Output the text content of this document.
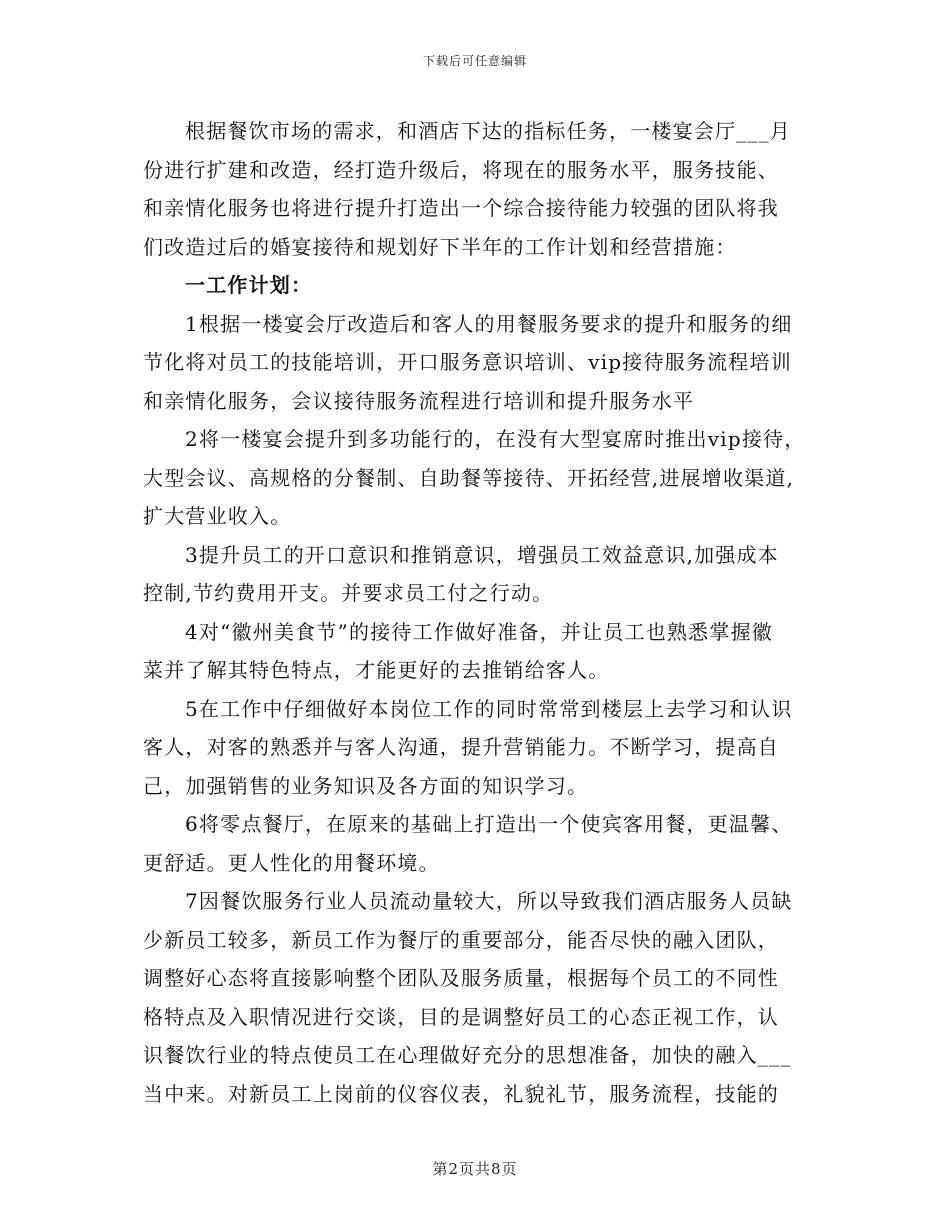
下载后可任意编辑
根据餐饮市场的需求，和酒店下达的指标任务，一楼宴会厅___月
份进行扩建和改造，经打造升级后，将现在的服务水平，服务技能、
和亲情化服务也将进行提升打造出一个综合接待能力较强的团队将我
们改造过后的婚宴接待和规划好下半年的工作计划和经营措施：
一工作计划：
1根据一楼宴会厅改造后和客人的用餐服务要求的提升和服务的细
节化将对员工的技能培训，开口服务意识培训、vip接待服务流程培训
和亲情化服务，会议接待服务流程进行培训和提升服务水平
2将一楼宴会提升到多功能行的，在没有大型宴席时推出vip接待，
大型会议、高规格的分餐制、自助餐等接待、开拓经营,进展增收渠道,
扩大营业收入。
3提升员工的开口意识和推销意识，增强员工效益意识,加强成本
控制,节约费用开支。并要求员工付之行动。
4对“徽州美食节”的接待工作做好准备，并让员工也熟悉掌握徽
菜并了解其特色特点，才能更好的去推销给客人。
5在工作中仔细做好本岗位工作的同时常常到楼层上去学习和认识
客人，对客的熟悉并与客人沟通，提升营销能力。不断学习，提高自
己，加强销售的业务知识及各方面的知识学习。
6将零点餐厅，在原来的基础上打造出一个使宾客用餐，更温馨、
更舒适。更人性化的用餐环境。
7因餐饮服务行业人员流动量较大，所以导致我们酒店服务人员缺
少新员工较多，新员工作为餐厅的重要部分，能否尽快的融入团队，
调整好心态将直接影响整个团队及服务质量，根据每个员工的不同性
格特点及入职情况进行交谈，目的是调整好员工的心态正视工作，认
识餐饮行业的特点使员工在心理做好充分的思想准备，加快的融入___
当中来。对新员工上岗前的仪容仪表，礼貌礼节，服务流程，技能的
第2页共8页
